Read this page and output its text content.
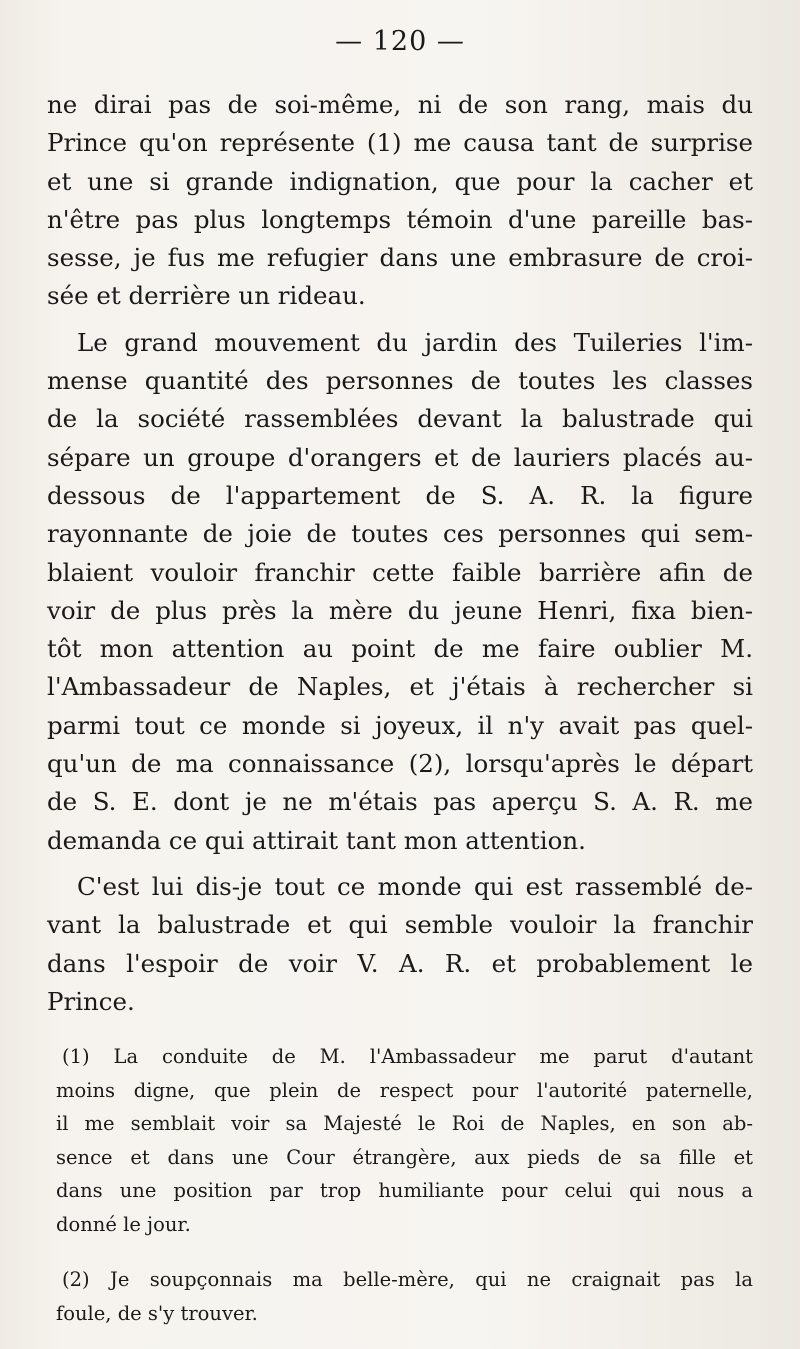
— 120 —
ne dirai pas de soi-même, ni de son rang, mais du
Prince qu'on représente (1) me causa tant de surprise
et une si grande indignation, que pour la cacher et
n'être pas plus longtemps témoin d'une pareille bas-
sesse, je fus me refugier dans une embrasure de croi-
sée et derrière un rideau.
Le grand mouvement du jardin des Tuileries l'im-
mense quantité des personnes de toutes les classes
de la société rassemblées devant la balustrade qui
sépare un groupe d'orangers et de lauriers placés au-
dessous de l'appartement de S. A. R. la figure
rayonnante de joie de toutes ces personnes qui sem-
blaient vouloir franchir cette faible barrière afin de
voir de plus près la mère du jeune Henri, fixa bien-
tôt mon attention au point de me faire oublier M.
l'Ambassadeur de Naples, et j'étais à rechercher si
parmi tout ce monde si joyeux, il n'y avait pas quel-
qu'un de ma connaissance (2), lorsqu'après le départ
de S. E. dont je ne m'étais pas aperçu S. A. R. me
demanda ce qui attirait tant mon attention.
C'est lui dis-je tout ce monde qui est rassemblé de-
vant la balustrade et qui semble vouloir la franchir
dans l'espoir de voir V. A. R. et probablement le
Prince.
(1) La conduite de M. l'Ambassadeur me parut d'autant
moins digne, que plein de respect pour l'autorité paternelle,
il me semblait voir sa Majesté le Roi de Naples, en son ab-
sence et dans une Cour étrangère, aux pieds de sa fille et
dans une position par trop humiliante pour celui qui nous a
donné le jour.
(2) Je soupçonnais ma belle-mère, qui ne craignait pas la
foule, de s'y trouver.
